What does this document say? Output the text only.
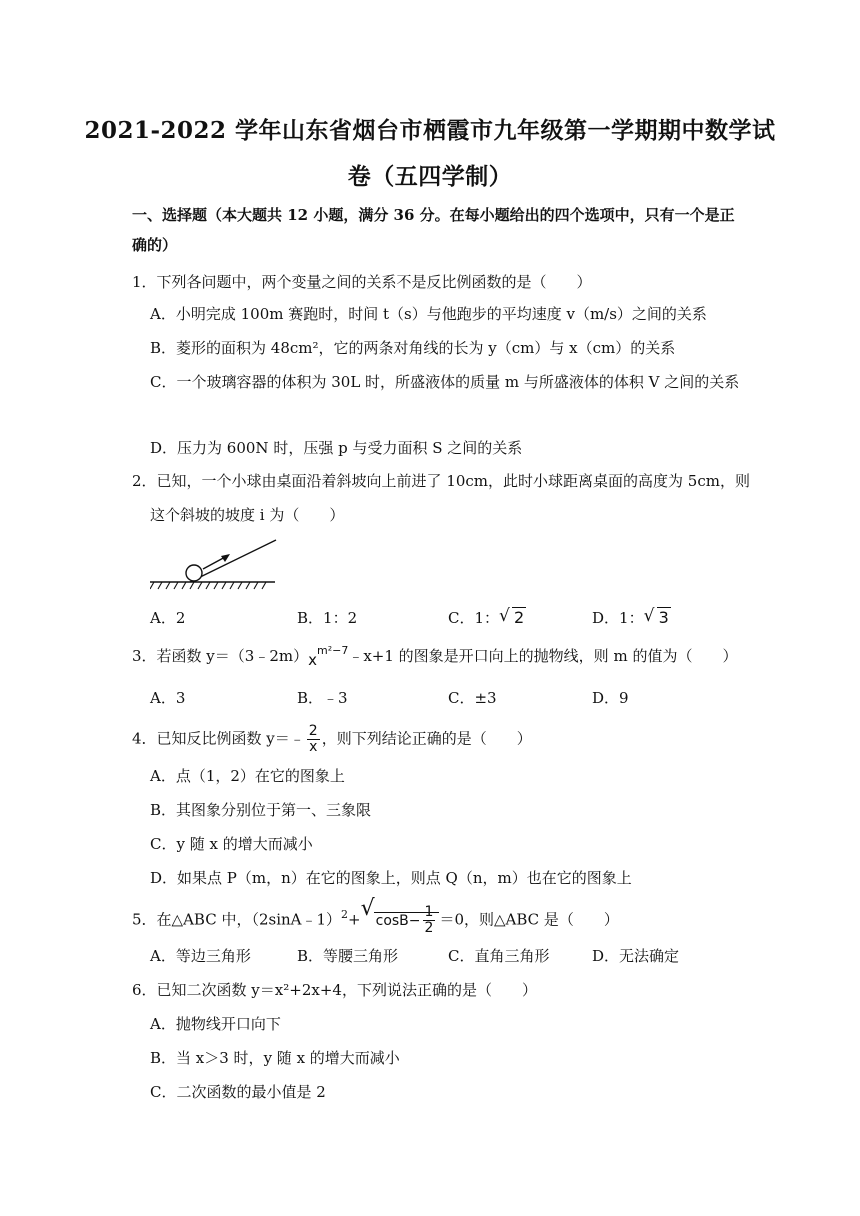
2021-2022 学年山东省烟台市栖霞市九年级第一学期期中数学试
卷（五四学制）
一、选择题（本大题共 12 小题，满分 36 分。在每小题给出的四个选项中，只有一个是正
确的）
1．下列各问题中，两个变量之间的关系不是反比例函数的是（　　）
A．小明完成 100m 赛跑时，时间 t（s）与他跑步的平均速度 v（m/s）之间的关系
B．菱形的面积为 48cm²，它的两条对角线的长为 y（cm）与 x（cm）的关系
C．一个玻璃容器的体积为 30L 时，所盛液体的质量 m 与所盛液体的体积 V 之间的关系
D．压力为 600N 时，压强 p 与受力面积 S 之间的关系
2．已知，一个小球由桌面沿着斜坡向上前进了 10cm，此时小球距离桌面的高度为 5cm，则
这个斜坡的坡度 i 为（　　）
A．2	B．1：2	C．1： √ 2	D．1： √ 3
3．若函数 $y=(3﹣2m)x^{m^2-7}﹣x+1$ 的图象是开口向上的抛物线，则 m 的值为（　　）
A．3	B．﹣3	C．±3	D．9
4．已知反比例函数 y＝﹣ $\frac{2}{x}$ ，则下列结论正确的是（　　）
A．点（1，2）在它的图象上
B．其图象分别位于第一、三象限
C．y 随 x 的增大而减小
D．如果点 P（m，n）在它的图象上，则点 Q（n，m）也在它的图象上
5．在△ABC 中，（2sinA﹣1）$^2$+ √ $\cos B- \frac{1}{2} =0$，则△ABC 是（　　）
A．等边三角形	B．等腰三角形	C．直角三角形	D．无法确定
6．已知二次函数 y＝x²+2x+4，下列说法正确的是（　　）
A．抛物线开口向下
B．当 x＞3 时，y 随 x 的增大而减小
C．二次函数的最小值是 2
